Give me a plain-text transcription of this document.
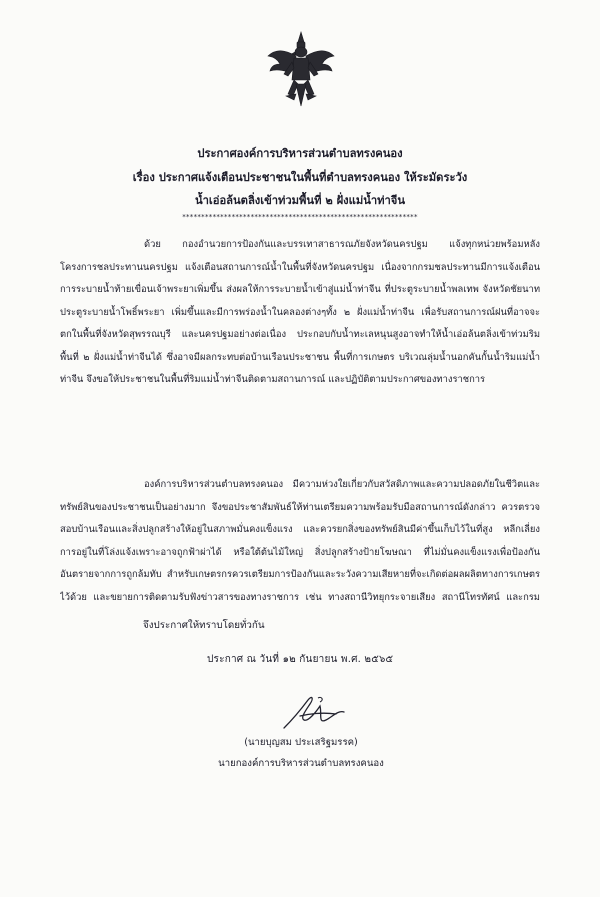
ประกาศองค์การบริหารส่วนตำบลทรงคนอง
เรื่อง ประกาศแจ้งเตือนประชาชนในพื้นที่ตำบลทรงคนอง ให้ระมัดระวัง
น้ำเอ่อล้นตลิ่งเข้าท่วมพื้นที่ ๒ ฝั่งแม่น้ำท่าจีน
**************************************************************
ด้วย กองอำนวยการป้องกันและบรรเทาสาธารณภัยจังหวัดนครปฐม แจ้งทุกหน่วยพร้อมหลังโครงการชลประทานนครปฐม แจ้งเตือนสถานการณ์น้ำในพื้นที่จังหวัดนครปฐม เนื่องจากกรมชลประทานมีการแจ้งเตือนการระบายน้ำท้ายเขื่อนเจ้าพระยาเพิ่มขึ้น ส่งผลให้การระบายน้ำเข้าสู่แม่น้ำท่าจีน ที่ประตูระบายน้ำพลเทพ จังหวัดชัยนาท ประตูระบายน้ำโพธิ์พระยา เพิ่มขึ้นและมีการพร่องน้ำในคลองต่างๆทั้ง ๒ ฝั่งแม่น้ำท่าจีน เพื่อรับสถานการณ์ฝนที่อาจจะตกในพื้นที่จังหวัดสุพรรณบุรี และนครปฐมอย่างต่อเนื่อง ประกอบกับน้ำทะเลหนุนสูงอาจทำให้น้ำเอ่อล้นตลิ่งเข้าท่วมริมพื้นที่ ๒ ฝั่งแม่น้ำท่าจีนได้ ซึ่งอาจมีผลกระทบต่อบ้านเรือนประชาชน พื้นที่การเกษตร บริเวณลุ่มน้ำนอกคันกั้นน้ำริมแม่น้ำท่าจีน จึงขอให้ประชาชนในพื้นที่ริมแม่น้ำท่าจีนติดตามสถานการณ์ และปฏิบัติตามประกาศของทางราชการ
องค์การบริหารส่วนตำบลทรงคนอง มีความห่วงใยเกี่ยวกับสวัสดิภาพและความปลอดภัยในชีวิตและทรัพย์สินของประชาชนเป็นอย่างมาก จึงขอประชาสัมพันธ์ให้ท่านเตรียมความพร้อมรับมือสถานการณ์ดังกล่าว ควรตรวจสอบบ้านเรือนและสิ่งปลูกสร้างให้อยู่ในสภาพมั่นคงแข็งแรง และควรยกสิ่งของทรัพย์สินมีค่าขึ้นเก็บไว้ในที่สูง หลีกเลี่ยงการอยู่ในที่โล่งแจ้งเพราะอาจถูกฟ้าผ่าได้ หรือใต้ต้นไม้ใหญ่ สิ่งปลูกสร้างป้ายโฆษณา ที่ไม่มั่นคงแข็งแรงเพื่อป้องกันอันตรายจากการถูกล้มทับ สำหรับเกษตรกรควรเตรียมการป้องกันและระวังความเสียหายที่จะเกิดต่อผลผลิตทางการเกษตรไว้ด้วย และขยายการติดตามรับฟังข่าวสารของทางราชการ เช่น ทางสถานีวิทยุกระจายเสียง สถานีโทรทัศน์ และกรม
จึงประกาศให้ทราบโดยทั่วกัน
ประกาศ ณ วันที่ ๑๒ กันยายน พ.ศ. ๒๕๖๕
(นายบุญสม ประเสริฐมรรค)
นายกองค์การบริหารส่วนตำบลทรงคนอง
